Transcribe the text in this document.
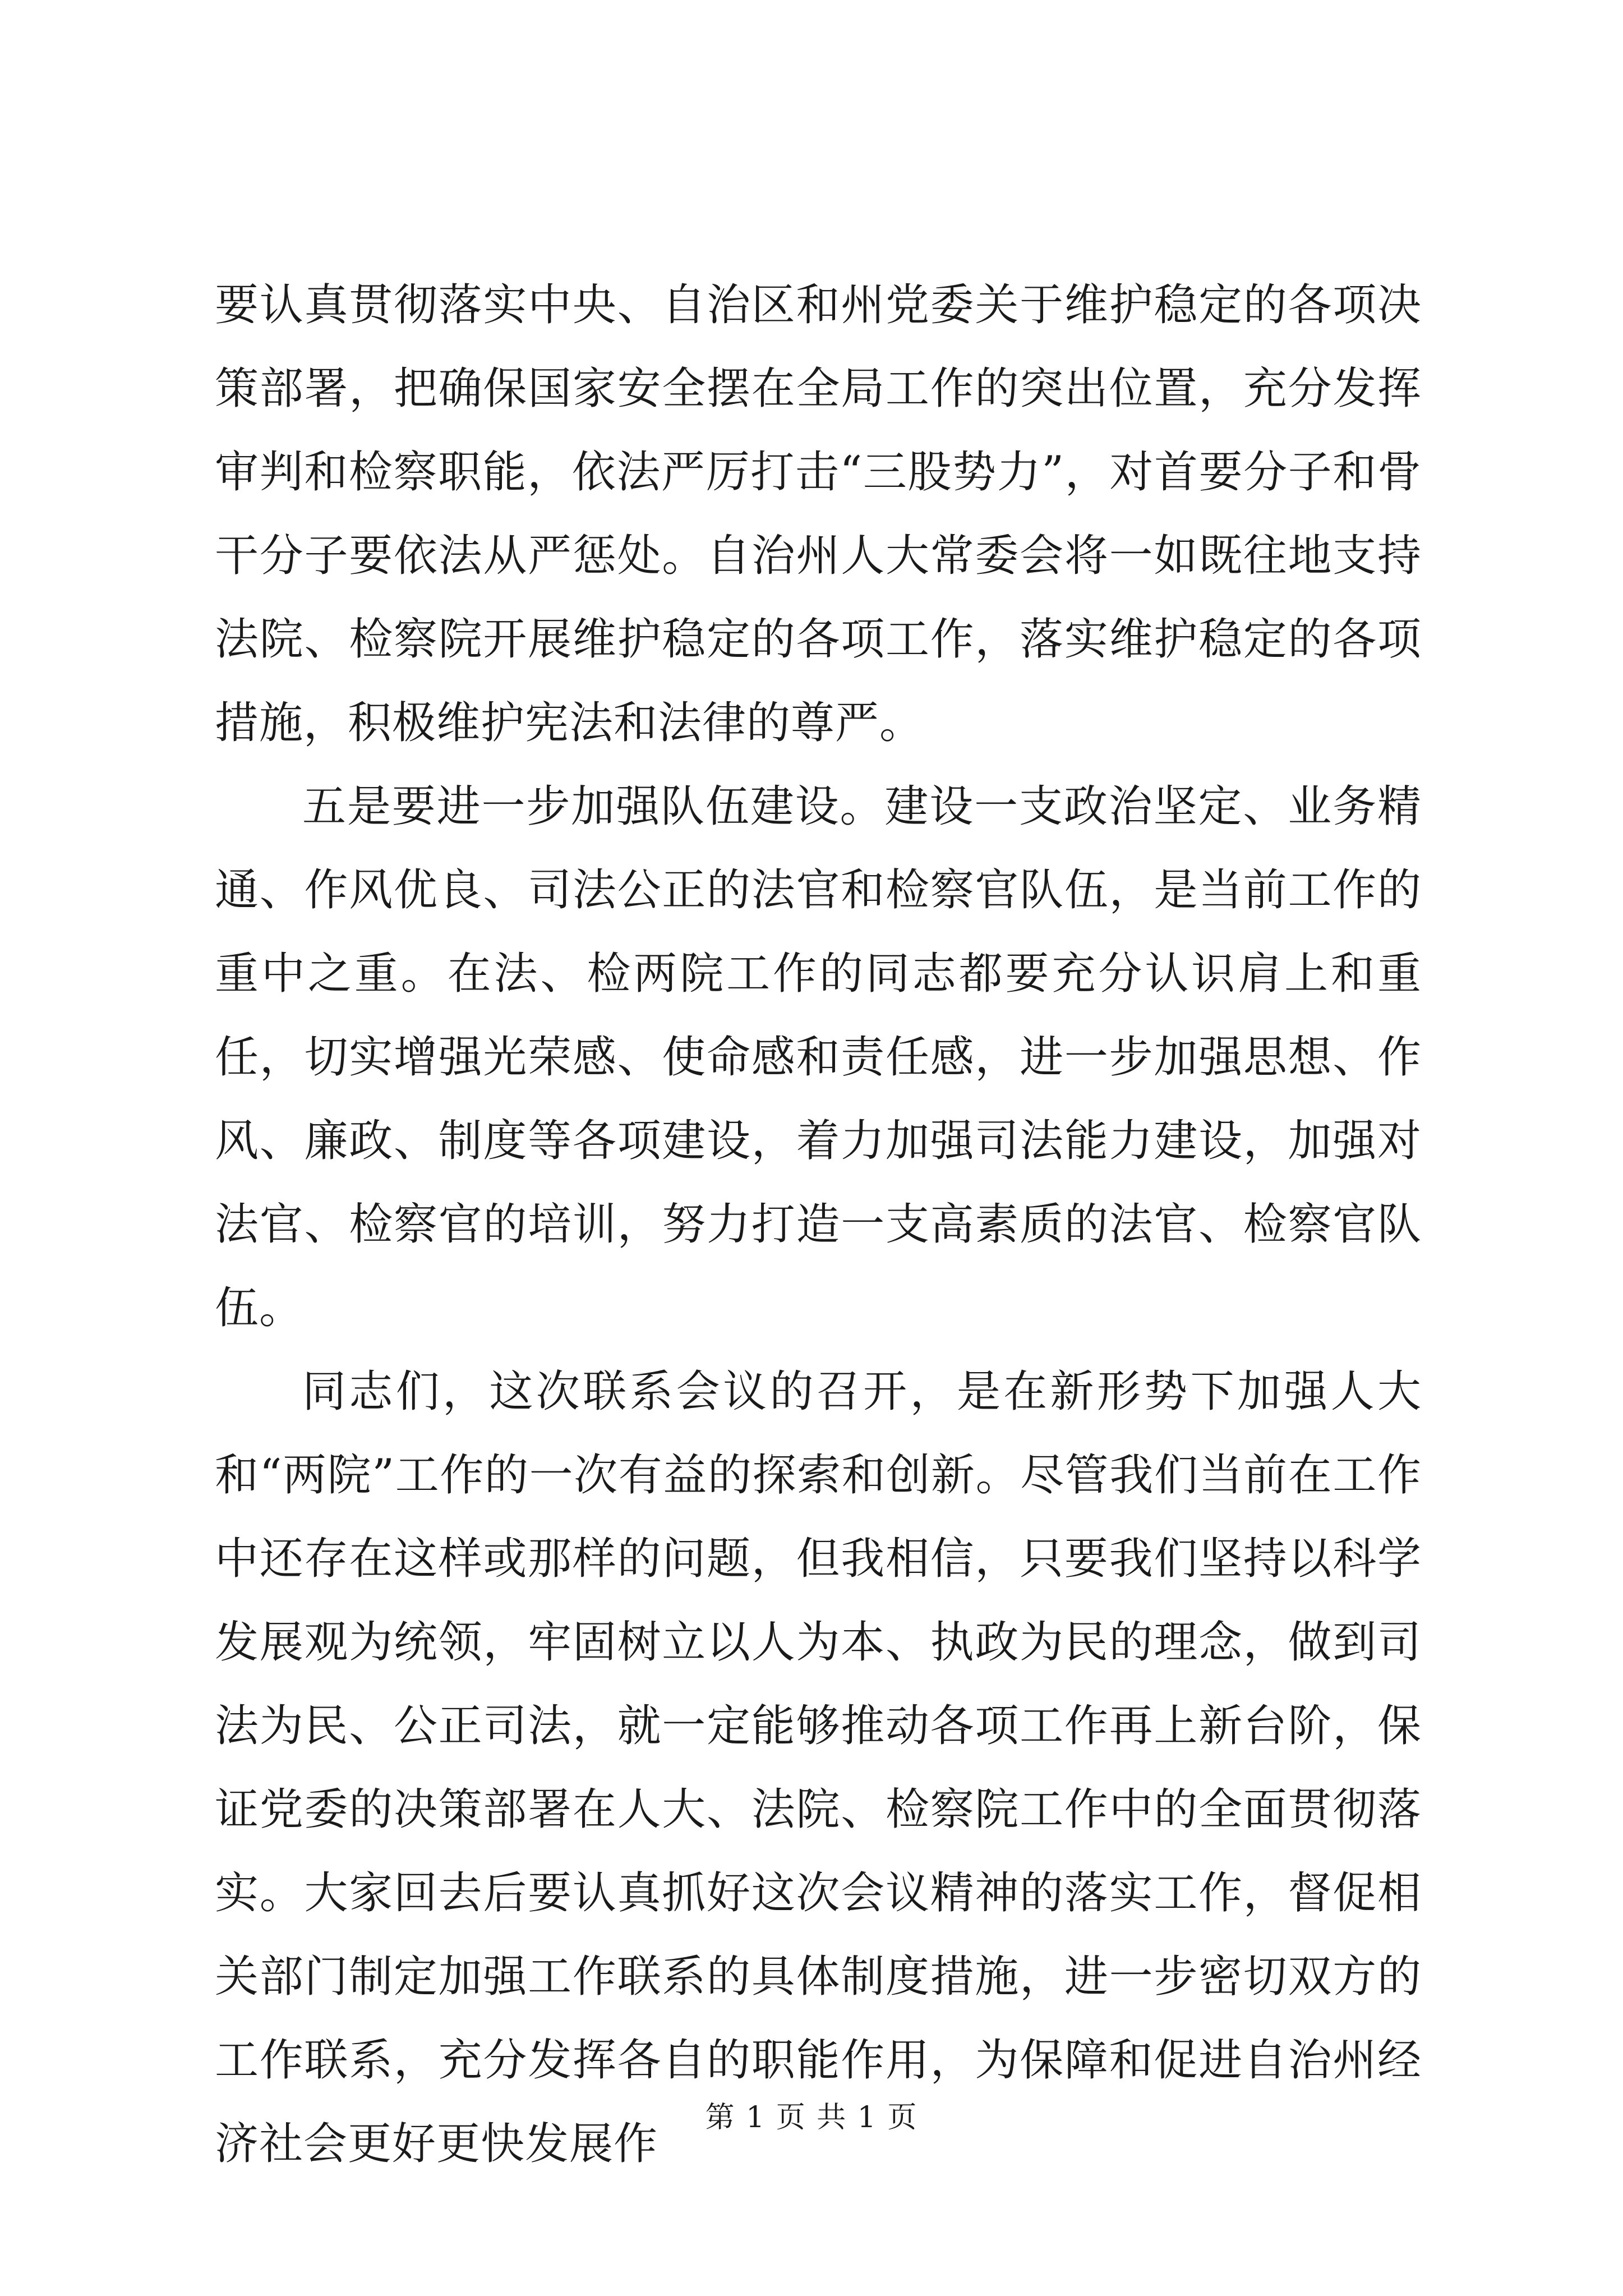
要认真贯彻落实中央、自治区和州党委关于维护稳定的各项决策部署，把确保国家安全摆在全局工作的突出位置，充分发挥审判和检察职能，依法严厉打击“三股势力”，对首要分子和骨干分子要依法从严惩处。自治州人大常委会将一如既往地支持法院、检察院开展维护稳定的各项工作，落实维护稳定的各项措施，积极维护宪法和法律的尊严。

五是要进一步加强队伍建设。建设一支政治坚定、业务精通、作风优良、司法公正的法官和检察官队伍，是当前工作的重中之重。在法、检两院工作的同志都要充分认识肩上和重任，切实增强光荣感、使命感和责任感，进一步加强思想、作风、廉政、制度等各项建设，着力加强司法能力建设，加强对法官、检察官的培训，努力打造一支高素质的法官、检察官队伍。

同志们，这次联系会议的召开，是在新形势下加强人大和“两院”工作的一次有益的探索和创新。尽管我们当前在工作中还存在这样或那样的问题，但我相信，只要我们坚持以科学发展观为统领，牢固树立以人为本、执政为民的理念，做到司法为民、公正司法，就一定能够推动各项工作再上新台阶，保证党委的决策部署在人大、法院、检察院工作中的全面贯彻落实。大家回去后要认真抓好这次会议精神的落实工作，督促相关部门制定加强工作联系的具体制度措施，进一步密切双方的工作联系，充分发挥各自的职能作用，为保障和促进自治州经济社会更好更快发展作

第 1 页 共 1 页
